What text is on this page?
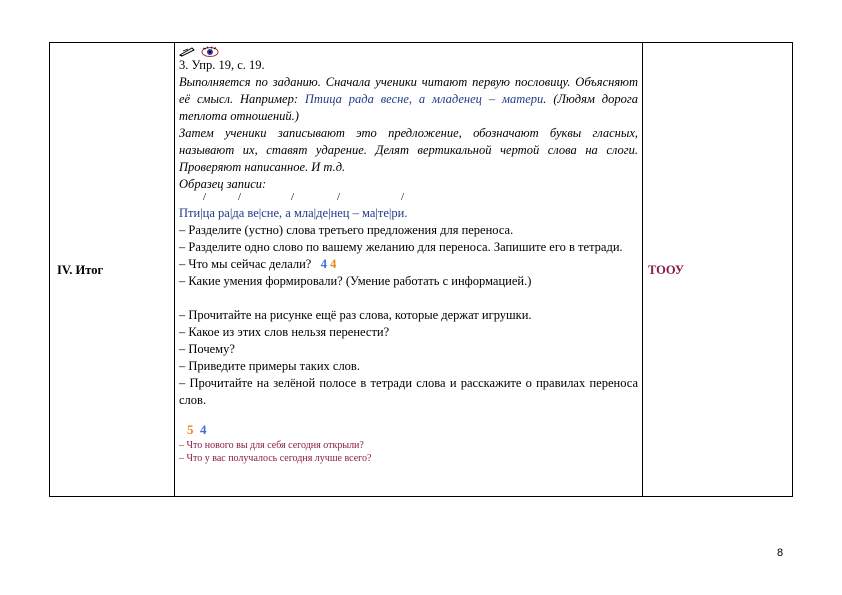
IV. Итог	

3. Упр. 19, с. 19.

Выполняется по заданию. Сначала ученики читают первую пословицу. Объясняют её смысл. Например: Птица рада весне, а младенец – матери. (Людям дорога теплота отношений.)

Затем ученики записывают это предложение, обозначают буквы гласных, называют их, ставят ударение. Делят вертикальной чертой слова на слоги. Проверяют написанное. И т.д.

Образец записи:

/	/	/	/	/

Пти|ца ра|да ве|сне, а мла|де|нец – ма|те|ри.

– Разделите (устно) слова третьего предложения для переноса.

– Разделите одно слово по вашему желанию для переноса. Запишите его в тетради.

– Что мы сейчас делали? 4 4

– Какие умения формировали? (Умение работать с информацией.)

– Прочитайте на рисунке ещё раз слова, которые держат игрушки.

– Какое из этих слов нельзя перенести?

– Почему?

– Приведите примеры таких слов.

– Прочитайте на зелёной полосе в тетради слова и расскажите о правилах переноса слов.

5 4

– Что нового вы для себя сегодня открыли?

– Что у вас получалось сегодня лучше всего?

	ТООУ
8
